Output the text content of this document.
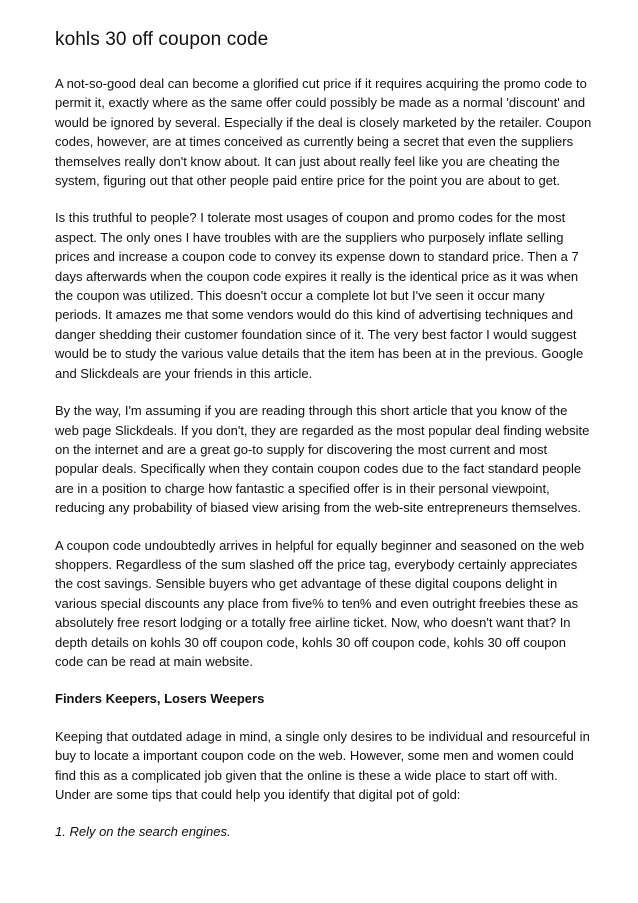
kohls 30 off coupon code

A not-so-good deal can become a glorified cut price if it requires acquiring the promo code to permit it, exactly where as the same offer could possibly be made as a normal 'discount' and would be ignored by several. Especially if the deal is closely marketed by the retailer. Coupon codes, however, are at times conceived as currently being a secret that even the suppliers themselves really don't know about. It can just about really feel like you are cheating the system, figuring out that other people paid entire price for the point you are about to get.

Is this truthful to people? I tolerate most usages of coupon and promo codes for the most aspect. The only ones I have troubles with are the suppliers who purposely inflate selling prices and increase a coupon code to convey its expense down to standard price. Then a 7 days afterwards when the coupon code expires it really is the identical price as it was when the coupon was utilized. This doesn't occur a complete lot but I've seen it occur many periods. It amazes me that some vendors would do this kind of advertising techniques and danger shedding their customer foundation since of it. The very best factor I would suggest would be to study the various value details that the item has been at in the previous. Google and Slickdeals are your friends in this article.

By the way, I'm assuming if you are reading through this short article that you know of the web page Slickdeals. If you don't, they are regarded as the most popular deal finding website on the internet and are a great go-to supply for discovering the most current and most popular deals. Specifically when they contain coupon codes due to the fact standard people are in a position to charge how fantastic a specified offer is in their personal viewpoint, reducing any probability of biased view arising from the web-site entrepreneurs themselves.

A coupon code undoubtedly arrives in helpful for equally beginner and seasoned on the web shoppers. Regardless of the sum slashed off the price tag, everybody certainly appreciates the cost savings. Sensible buyers who get advantage of these digital coupons delight in various special discounts any place from five% to ten% and even outright freebies these as absolutely free resort lodging or a totally free airline ticket. Now, who doesn't want that? In depth details on kohls 30 off coupon code, kohls 30 off coupon code, kohls 30 off coupon code can be read at main website.

Finders Keepers, Losers Weepers

Keeping that outdated adage in mind, a single only desires to be individual and resourceful in buy to locate a important coupon code on the web. However, some men and women could find this as a complicated job given that the online is these a wide place to start off with. Under are some tips that could help you identify that digital pot of gold:

1. Rely on the search engines.
